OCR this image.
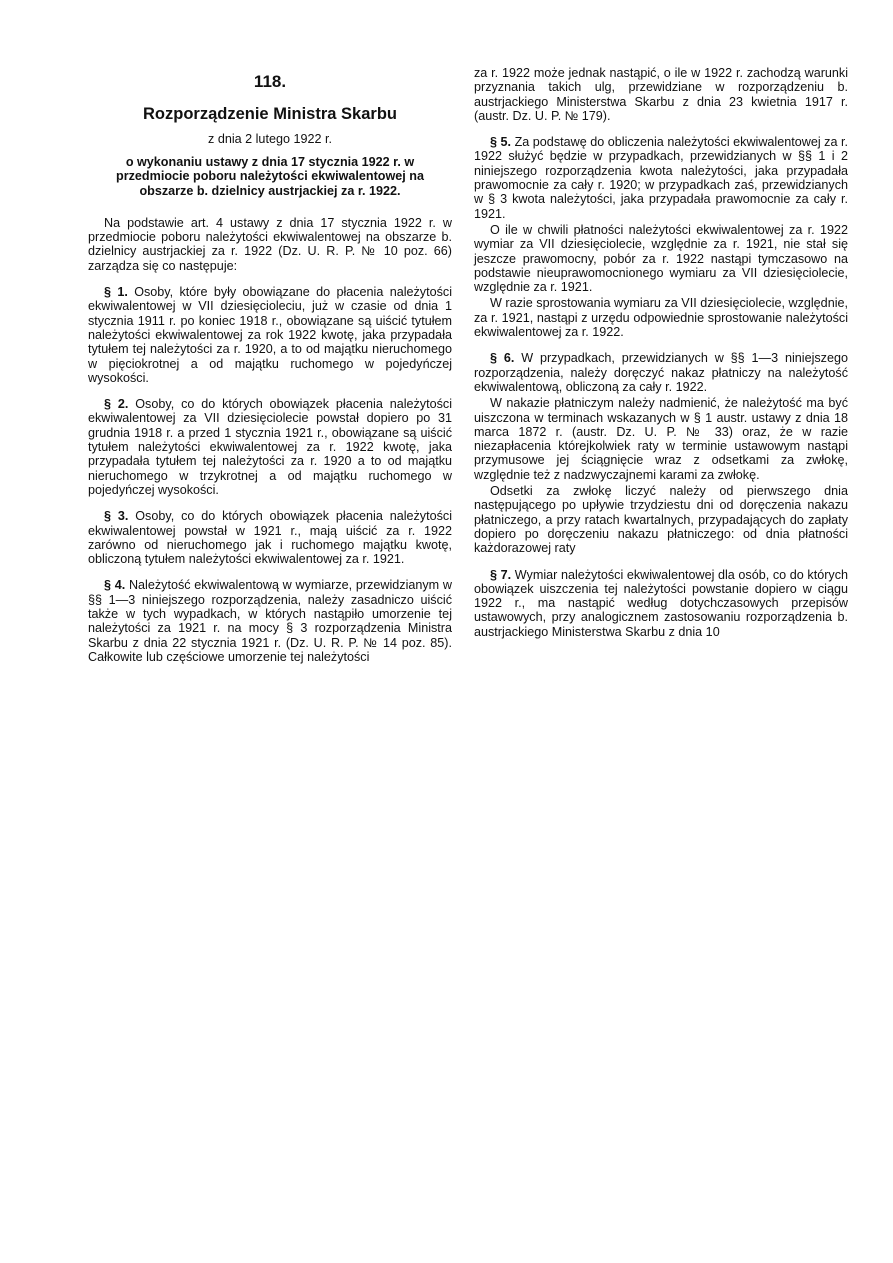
118.
Rozporządzenie Ministra Skarbu
z dnia 2 lutego 1922 r.
o wykonaniu ustawy z dnia 17 stycznia 1922 r. w przedmiocie poboru należytości ekwiwalentowej na obszarze b. dzielnicy austrjackiej za r. 1922.

Na podstawie art. 4 ustawy z dnia 17 stycznia 1922 r. w przedmiocie poboru należytości ekwiwalentowej na obszarze b. dzielnicy austrjackiej za r. 1922 (Dz. U. R. P. № 10 poz. 66) zarządza się co następuje:

§ 1. Osoby, które były obowiązane do płacenia należytości ekwiwalentowej w VII dziesięcioleciu, już w czasie od dnia 1 stycznia 1911 r. po koniec 1918 r., obowiązane są uiścić tytułem należytości ekwiwalentowej za rok 1922 kwotę, jaka przypadała tytułem tej należytości za r. 1920, a to od majątku nieruchomego w pięciokrotnej a od majątku ruchomego w pojedyńczej wysokości.

§ 2. Osoby, co do których obowiązek płacenia należytości ekwiwalentowej za VII dziesięciolecie powstał dopiero po 31 grudnia 1918 r. a przed 1 stycznia 1921 r., obowiązane są uiścić tytułem należytości ekwiwalentowej za r. 1922 kwotę, jaka przypadała tytułem tej należytości za r. 1920 a to od majątku nieruchomego w trzykrotnej a od majątku ruchomego w pojedyńczej wysokości.

§ 3. Osoby, co do których obowiązek płacenia należytości ekwiwalentowej powstał w 1921 r., mają uiścić za r. 1922 zarówno od nieruchomego jak i ruchomego majątku kwotę, obliczoną tytułem należytości ekwiwalentowej za r. 1921.

§ 4. Należytość ekwiwalentową w wymiarze, przewidzianym w §§ 1—3 niniejszego rozporządzenia, należy zasadniczo uiścić także w tych wypadkach, w których nastąpiło umorzenie tej należytości za 1921 r. na mocy § 3 rozporządzenia Ministra Skarbu z dnia 22 stycznia 1921 r. (Dz. U. R. P. № 14 poz. 85). Całkowite lub częściowe umorzenie tej należytości

za r. 1922 może jednak nastąpić, o ile w 1922 r. zachodzą warunki przyznania takich ulg, przewidziane w rozporządzeniu b. austrjackiego Ministerstwa Skarbu z dnia 23 kwietnia 1917 r. (austr. Dz. U. P. № 179).

§ 5. Za podstawę do obliczenia należytości ekwiwalentowej za r. 1922 służyć będzie w przypadkach, przewidzianych w §§ 1 i 2 niniejszego rozporządzenia kwota należytości, jaka przypadała prawomocnie za cały r. 1920; w przypadkach zaś, przewidzianych w § 3 kwota należytości, jaka przypadała prawomocnie za cały r. 1921.

O ile w chwili płatności należytości ekwiwalentowej za r. 1922 wymiar za VII dziesięciolecie, względnie za r. 1921, nie stał się jeszcze prawomocny, pobór za r. 1922 nastąpi tymczasowo na podstawie nieuprawomocnionego wymiaru za VII dziesięciolecie, względnie za r. 1921.

W razie sprostowania wymiaru za VII dziesięciolecie, względnie, za r. 1921, nastąpi z urzędu odpowiednie sprostowanie należytości ekwiwalentowej za r. 1922.

§ 6. W przypadkach, przewidzianych w §§ 1—3 niniejszego rozporządzenia, należy doręczyć nakaz płatniczy na należytość ekwiwalentową, obliczoną za cały r. 1922.

W nakazie płatniczym należy nadmienić, że należytość ma być uiszczona w terminach wskazanych w § 1 austr. ustawy z dnia 18 marca 1872 r. (austr. Dz. U. P. № 33) oraz, że w razie niezapłacenia którejkolwiek raty w terminie ustawowym nastąpi przymusowe jej ściągnięcie wraz z odsetkami za zwłokę, względnie też z nadzwyczajnemi karami za zwłokę.

Odsetki za zwłokę liczyć należy od pierwszego dnia następującego po upływie trzydziestu dni od doręczenia nakazu płatniczego, a przy ratach kwartalnych, przypadających do zapłaty dopiero po doręczeniu nakazu płatniczego: od dnia płatności każdorazowej raty

§ 7. Wymiar należytości ekwiwalentowej dla osób, co do których obowiązek uiszczenia tej należytości powstanie dopiero w ciągu 1922 r., ma nastąpić według dotychczasowych przepisów ustawowych, przy analogicznem zastosowaniu rozporządzenia b. austrjackiego Ministerstwa Skarbu z dnia 10
